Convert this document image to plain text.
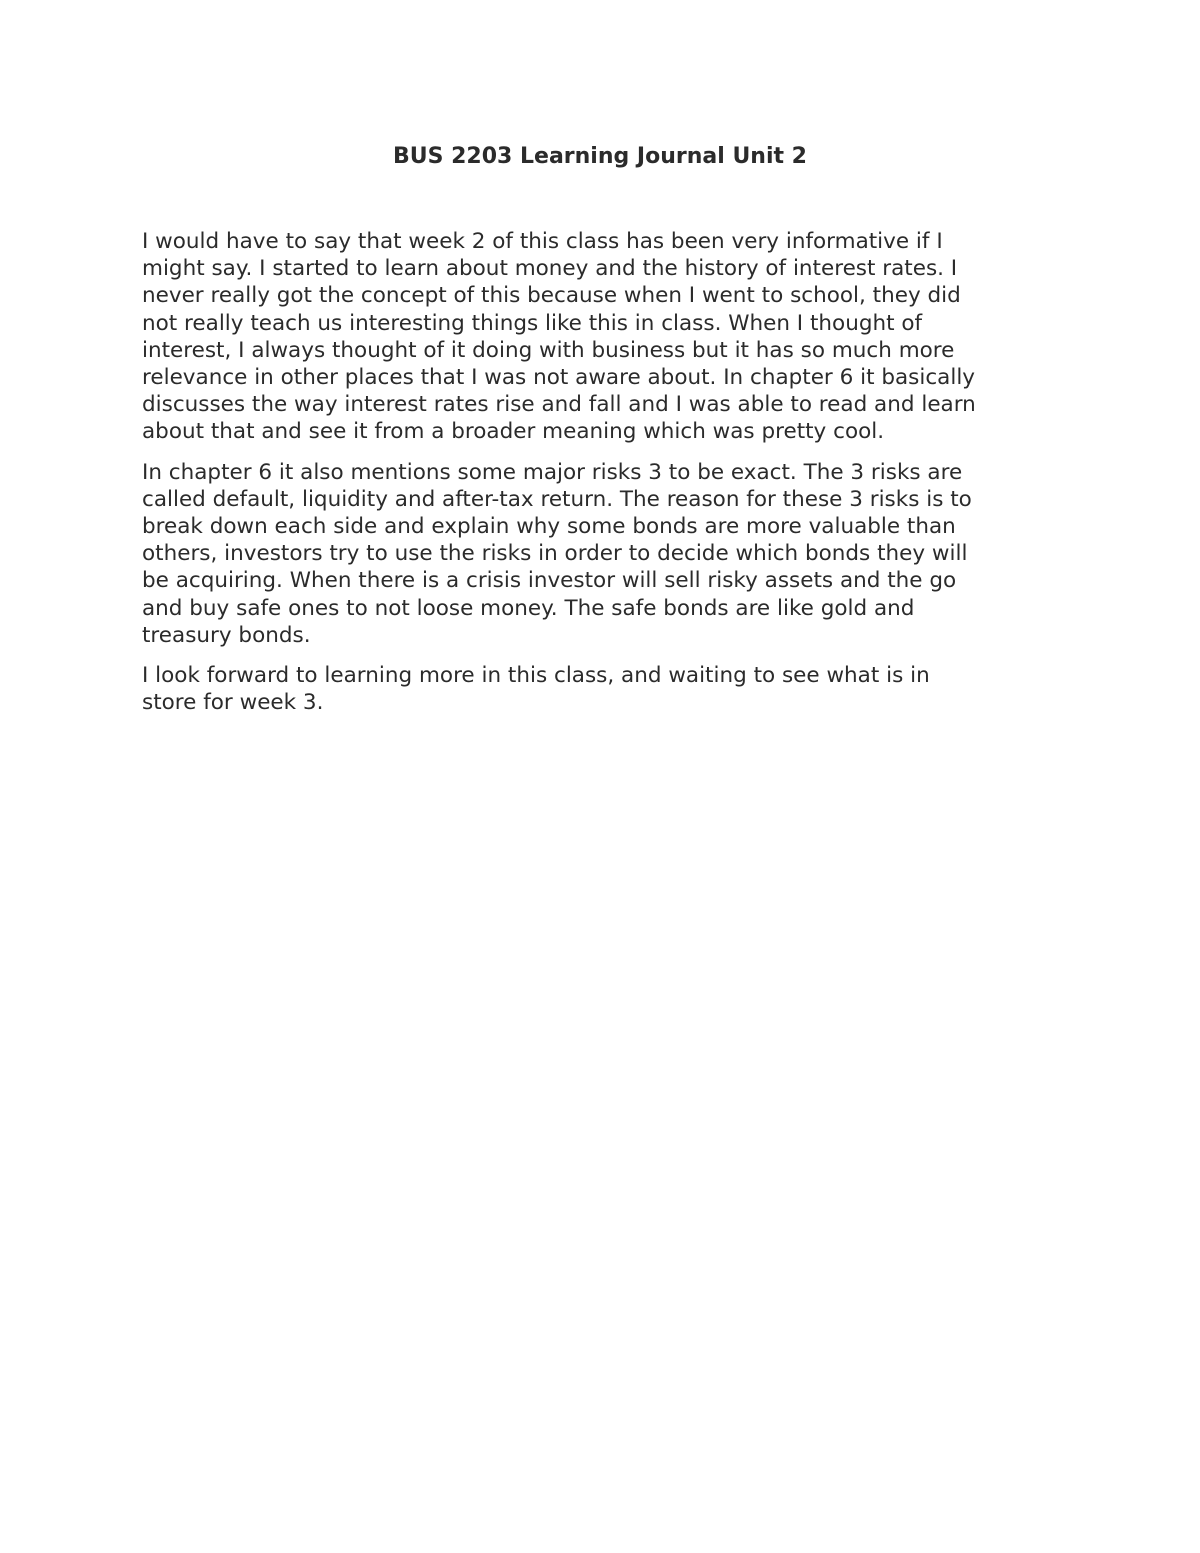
BUS 2203 Learning Journal Unit 2

I would have to say that week 2 of this class has been very informative if I
might say. I started to learn about money and the history of interest rates. I
never really got the concept of this because when I went to school, they did
not really teach us interesting things like this in class. When I thought of
interest, I always thought of it doing with business but it has so much more
relevance in other places that I was not aware about. In chapter 6 it basically
discusses the way interest rates rise and fall and I was able to read and learn
about that and see it from a broader meaning which was pretty cool.

In chapter 6 it also mentions some major risks 3 to be exact. The 3 risks are
called default, liquidity and after-tax return. The reason for these 3 risks is to
break down each side and explain why some bonds are more valuable than
others, investors try to use the risks in order to decide which bonds they will
be acquiring. When there is a crisis investor will sell risky assets and the go
and buy safe ones to not loose money. The safe bonds are like gold and
treasury bonds.

I look forward to learning more in this class, and waiting to see what is in
store for week 3.
